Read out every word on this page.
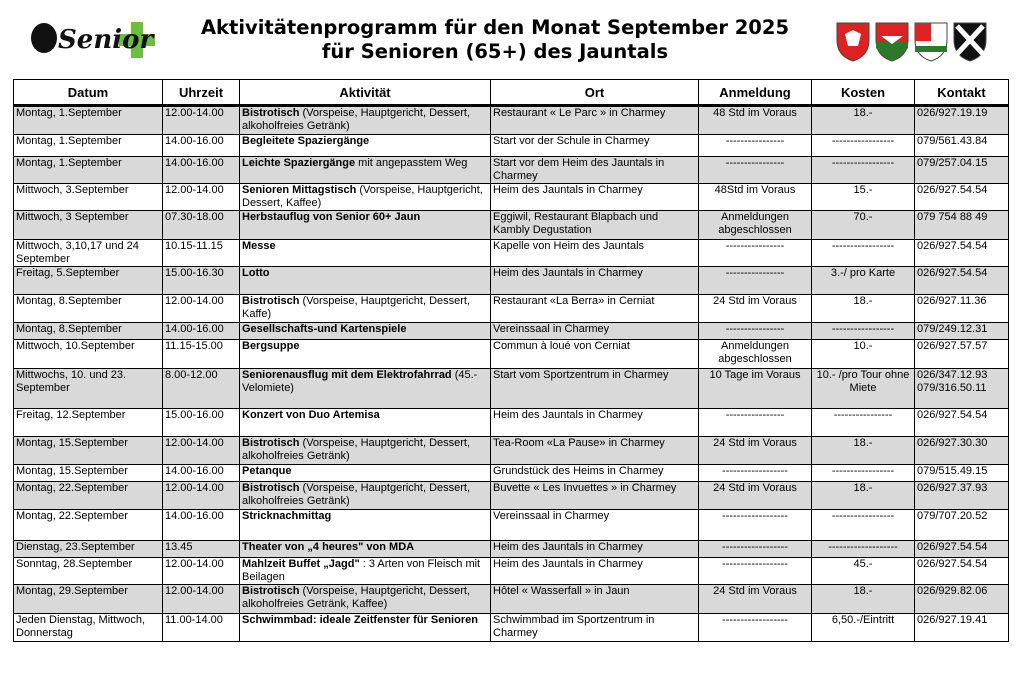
Senior	Aktivitätenprogramm für den Monat September 2025
für Senioren (65+) des Jauntals
Datum	Uhrzeit	Aktivität	Ort	Anmeldung	Kosten	Kontakt
Montag, 1.September	12.00-14.00	Bistrotisch (Vorspeise, Hauptgericht, Dessert, alkoholfreies Getränk)	Restaurant « Le Parc » in Charmey	48 Std im Voraus	18.-	026/927.19.19
Montag, 1.September	14.00-16.00	Begleitete Spaziergänge	Start vor der Schule in Charmey	----------------	-----------------	079/561.43.84
Montag, 1.September	14.00-16.00	Leichte Spaziergänge mit angepasstem Weg	Start vor dem Heim des Jauntals in Charmey	----------------	-----------------	079/257.04.15
Mittwoch, 3.September	12.00-14.00	Senioren Mittagstisch (Vorspeise, Hauptgericht, Dessert, Kaffee)	Heim des Jauntals in Charmey	48Std im Voraus	15.-	026/927.54.54
Mittwoch, 3 September	07.30-18.00	Herbstauflug von Senior 60+ Jaun	Eggiwil, Restaurant Blapbach und Kambly Degustation	Anmeldungen abgeschlossen	70.-	079 754 88 49
Mittwoch, 3,10,17 und 24 September	10.15-11.15	Messe	Kapelle von Heim des Jauntals	----------------	-----------------	026/927.54.54
Freitag, 5.September	15.00-16.30	Lotto	Heim des Jauntals in Charmey	----------------	3.-/ pro Karte	026/927.54.54
Montag, 8.September	12.00-14.00	Bistrotisch (Vorspeise, Hauptgericht, Dessert, Kaffe)	Restaurant «La Berra» in Cerniat	24 Std im Voraus	18.-	026/927.11.36
Montag, 8.September	14.00-16.00	Gesellschafts-und Kartenspiele	Vereinssaal in Charmey	----------------	-----------------	079/249.12.31
Mittwoch, 10.September	11.15-15.00	Bergsuppe	Commun à loué von Cerniat	Anmeldungen abgeschlossen	10.-	026/927.57.57
Mittwochs, 10. und 23. September	8.00-12.00	Seniorenausflug mit dem Elektrofahrrad (45.- Velomiete)	Start vom Sportzentrum in Charmey	10 Tage im Voraus	10.- /pro Tour ohne Miete	026/347.12.93 079/316.50.11
Freitag, 12.September	15.00-16.00	Konzert von Duo Artemisa	Heim des Jauntals in Charmey	----------------	----------------	026/927.54.54
Montag, 15.September	12.00-14.00	Bistrotisch (Vorspeise, Hauptgericht, Dessert, alkoholfreies Getränk)	Tea-Room «La Pause» in Charmey	24 Std im Voraus	18.-	026/927.30.30
Montag, 15.September	14.00-16.00	Petanque	Grundstück des Heims in Charmey	------------------	-----------------	079/515.49.15
Montag, 22.September	12.00-14.00	Bistrotisch (Vorspeise, Hauptgericht, Dessert, alkoholfreies Getränk)	Buvette « Les Invuettes » in Charmey	24 Std im Voraus	18.-	026/927.37.93
Montag, 22.September	14.00-16.00	Stricknachmittag	Vereinssaal in Charmey	------------------	-----------------	079/707.20.52
Dienstag, 23.September	13.45	Theater von „4 heures" von MDA	Heim des Jauntals in Charmey	------------------	-------------------	026/927.54.54
Sonntag, 28.September	12.00-14.00	Mahlzeit Buffet „Jagd" : 3 Arten von Fleisch mit Beilagen	Heim des Jauntals in Charmey	------------------	45.-	026/927.54.54
Montag, 29.September	12.00-14.00	Bistrotisch (Vorspeise, Hauptgericht, Dessert, alkoholfreies Getränk, Kaffee)	Hôtel « Wasserfall » in Jaun	24 Std im Voraus	18.-	026/929.82.06
Jeden Dienstag, Mittwoch, Donnerstag	11.00-14.00	Schwimmbad: ideale Zeitfenster für Senioren	Schwimmbad im Sportzentrum in Charmey	------------------	6,50.-/Eintritt	026/927.19.41
